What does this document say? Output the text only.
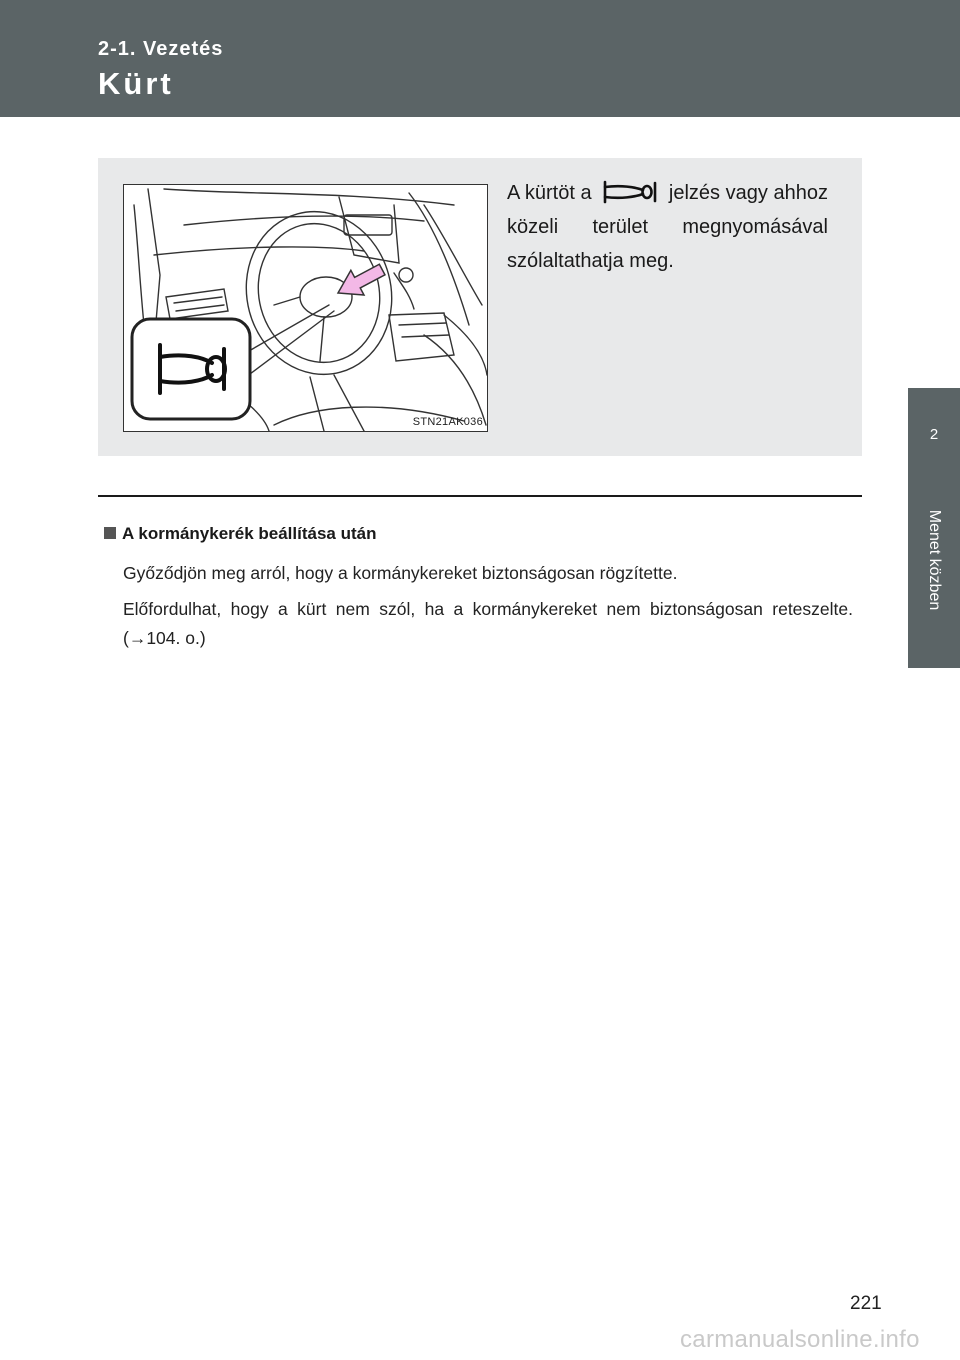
2-1. Vezetés
Kürt
2
Menet közben
STN21AK036
A kürtöt a	jelzés vagy ahhoz közeli terület megnyomásával szólaltathatja meg.
A kormánykerék beállítása után
Győződjön meg arról, hogy a kormánykereket biztonságosan rögzítette.
Előfordulhat, hogy a kürt nem szól, ha a kormánykereket nem biztonságosan reteszelte. (→104. o.)
221
carmanualsonline.info
